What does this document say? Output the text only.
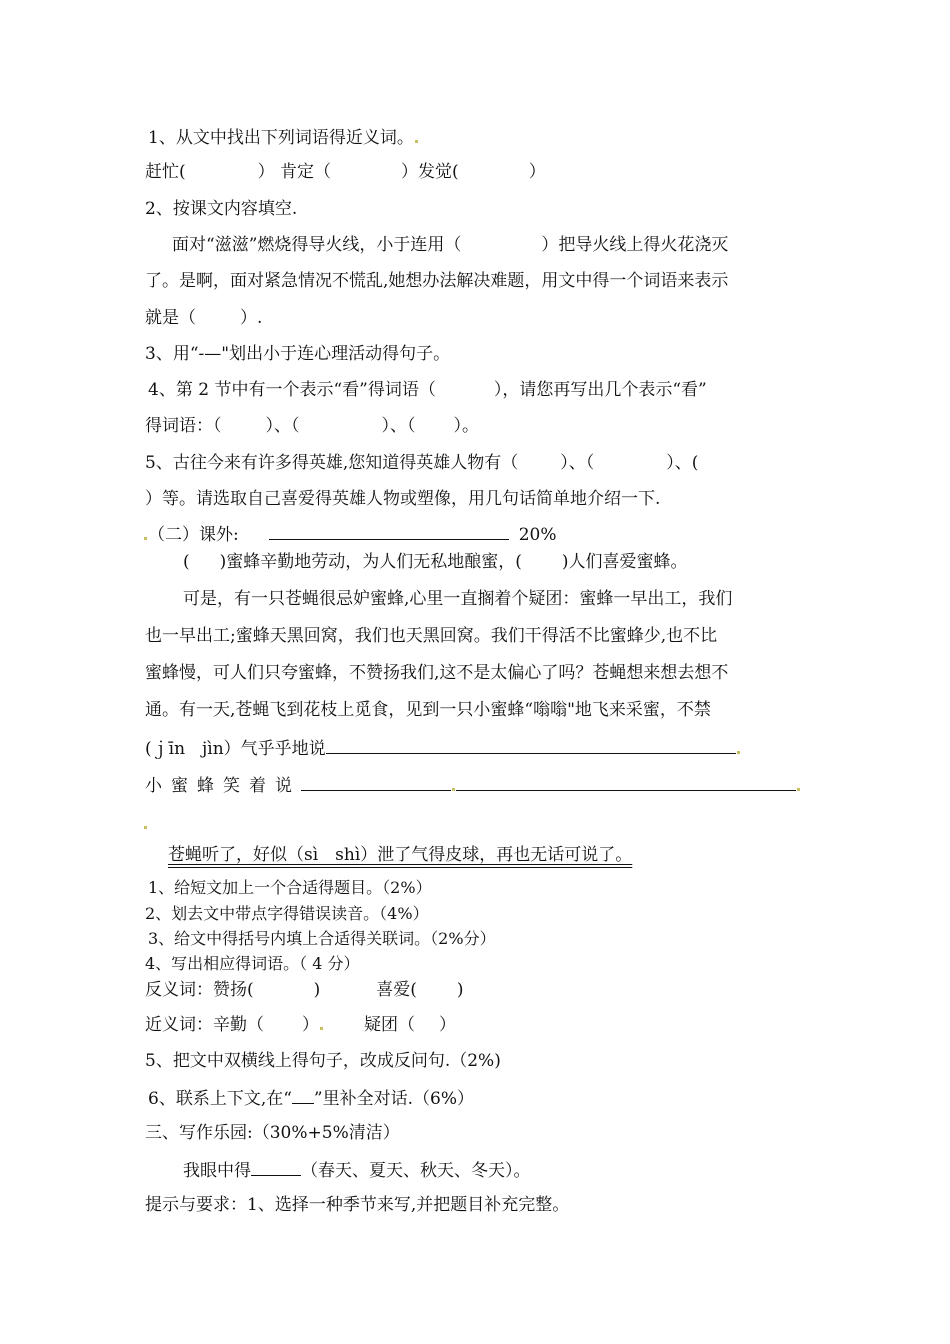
1、从文中找出下列词语得近义词。
赶忙(	） 肯定（	）发觉(	）
2、按课文内容填空.
面对“滋滋”燃烧得导火线，小于连用（	）把导火线上得火花浇灭
了。是啊，面对紧急情况不慌乱,她想办法解决难题，用文中得一个词语来表示
就是（	）.
3、用“-—"划出小于连心理活动得句子。
4、第 2 节中有一个表示“看”得词语（	），请您再写出几个表示“看”
得词语：（	）、（	）、（ ）。
5、古往今来有许多得英雄,您知道得英雄人物有（ ）、（	）、(
）等。请选取自己喜爱得英雄人物或塑像，用几句话简单地介绍一下.
（二）课外:	20%
( )蜜蜂辛勤地劳动，为人们无私地酿蜜，( )人们喜爱蜜蜂。
可是，有一只苍蝇很忌妒蜜蜂,心里一直搁着个疑团：蜜蜂一早出工，我们
也一早出工;蜜蜂天黑回窝，我们也天黑回窝。我们干得活不比蜜蜂少,也不比
蜜蜂慢，可人们只夸蜜蜂，不赞扬我们,这不是太偏心了吗？苍蝇想来想去想不
通。有一天,苍蝇飞到花枝上觅食，见到一只小蜜蜂“嗡嗡"地飞来采蜜，不禁
(ｊīn　jìn）气乎乎地说
小蜜蜂笑着说
苍蝇听了，好似（sì　shì）泄了气得皮球，再也无话可说了。
1、给短文加上一个合适得题目。（2%）
2、划去文中带点字得错误读音。（4%）
3、给文中得括号内填上合适得关联词。（2%分）
4、写出相应得词语。（ 4 分）
反义词：赞扬(	)	喜爱( )
近义词：辛勤（ ）	疑团（ ）
5、把文中双横线上得句子，改成反问句.（2%)
6、联系上下文,在“ ”里补全对话.（6%）
三、写作乐园:（30%+5%清洁）
我眼中得	（春天、夏天、秋天、冬天）。
提示与要求：1、选择一种季节来写,并把题目补充完整。
